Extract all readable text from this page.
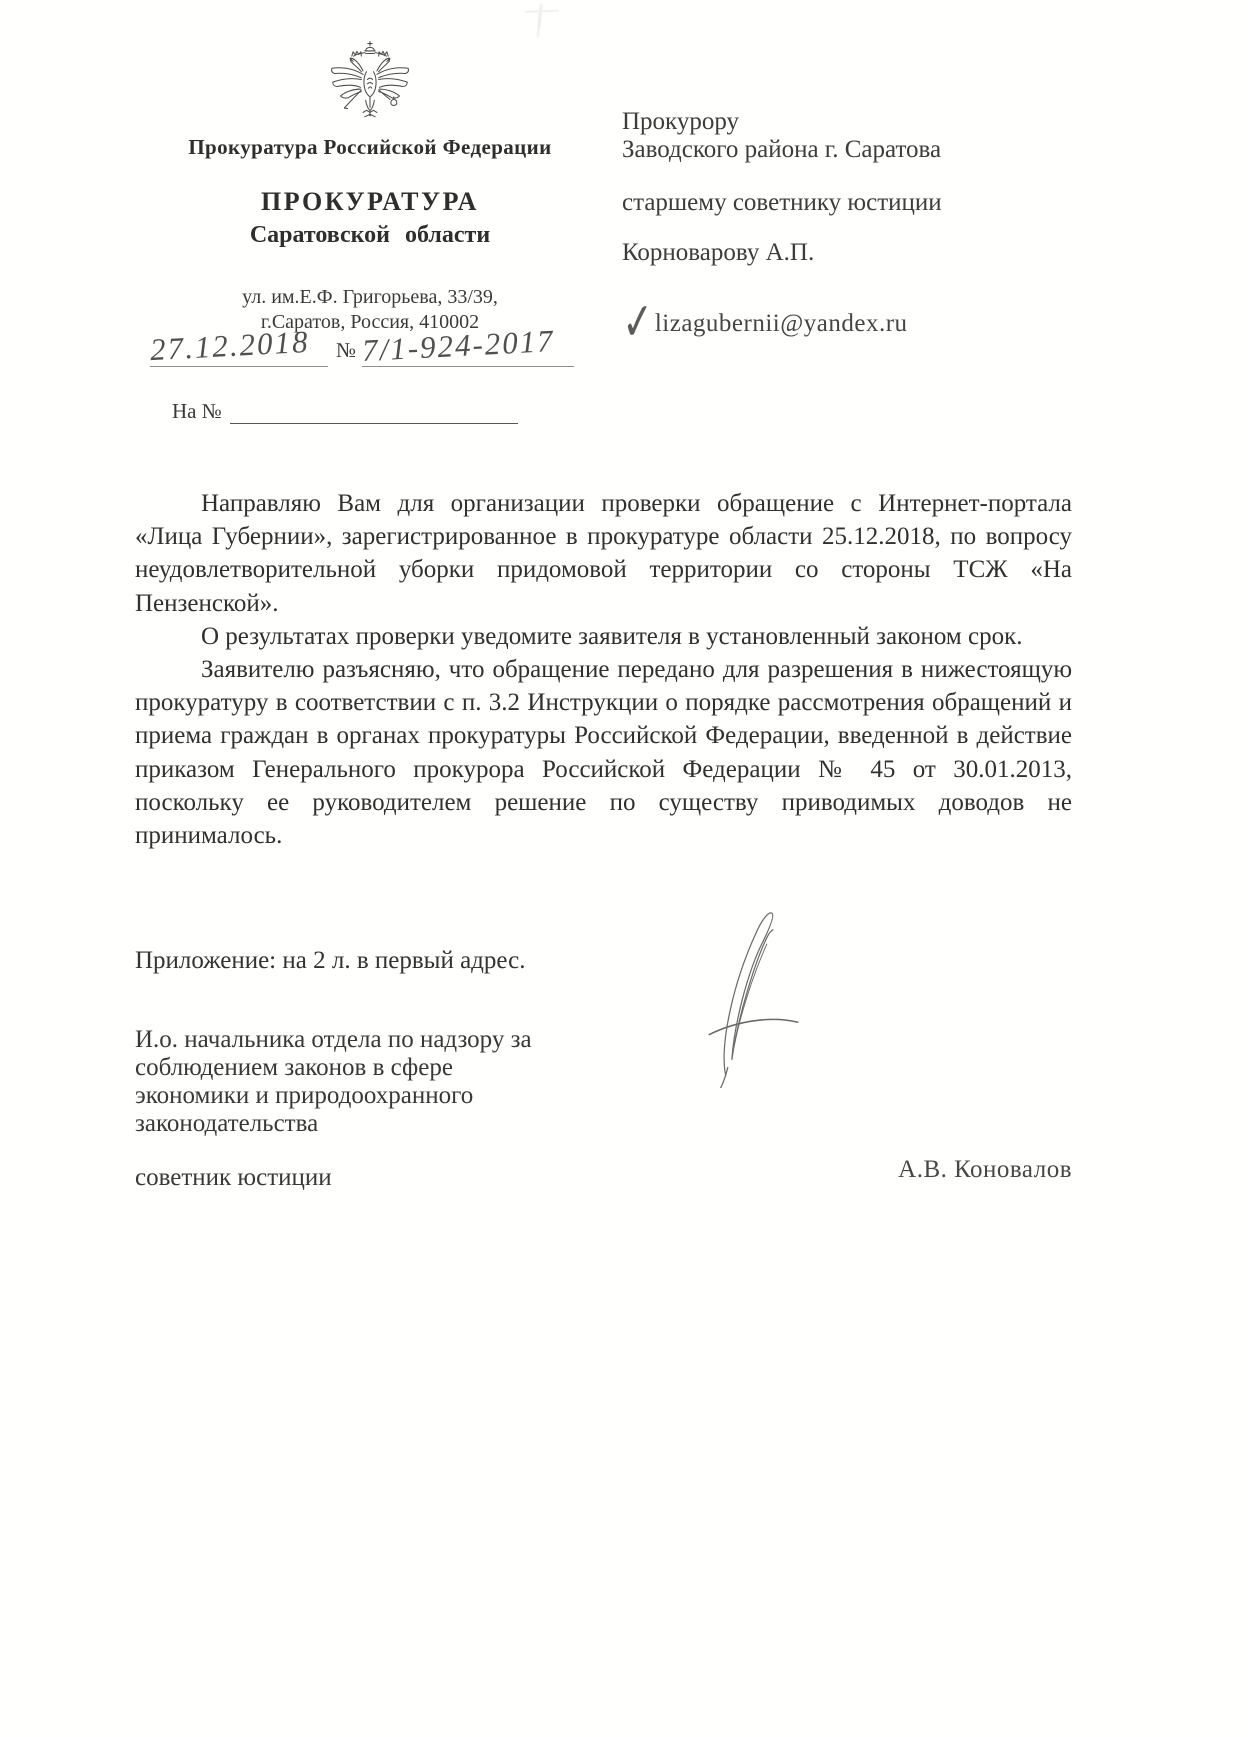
Прокуратура Российской Федерации
ПРОКУРАТУРА
Саратовской области
ул. им.Е.Ф. Григорьева, 33/39,
г.Саратов, Россия, 410002
27.12.2018 № 7/1-924-2017
На №
Прокурору
Заводского района г. Саратова
старшему советнику юстиции
Корноварову А.П.
✓lizagubernii@yandex.ru

Направляю Вам для организации проверки обращение с Интернет-портала «Лица Губернии», зарегистрированное в прокуратуре области 25.12.2018, по вопросу неудовлетворительной уборки придомовой территории со стороны ТСЖ «На Пензенской».

О результатах проверки уведомите заявителя в установленный законом срок.

Заявителю разъясняю, что обращение передано для разрешения в нижестоящую прокуратуру в соответствии с п. 3.2 Инструкции о порядке рассмотрения обращений и приема граждан в органах прокуратуры Российской Федерации, введенной в действие приказом Генерального прокурора Российской Федерации № 45 от 30.01.2013, поскольку ее руководителем решение по существу приводимых доводов не принималось.

Приложение: на 2 л. в первый адрес.
И.о. начальника отдела по надзору за
соблюдением законов в сфере
экономики и природоохранного
законодательства
советник юстиции	А.В. Коновалов
